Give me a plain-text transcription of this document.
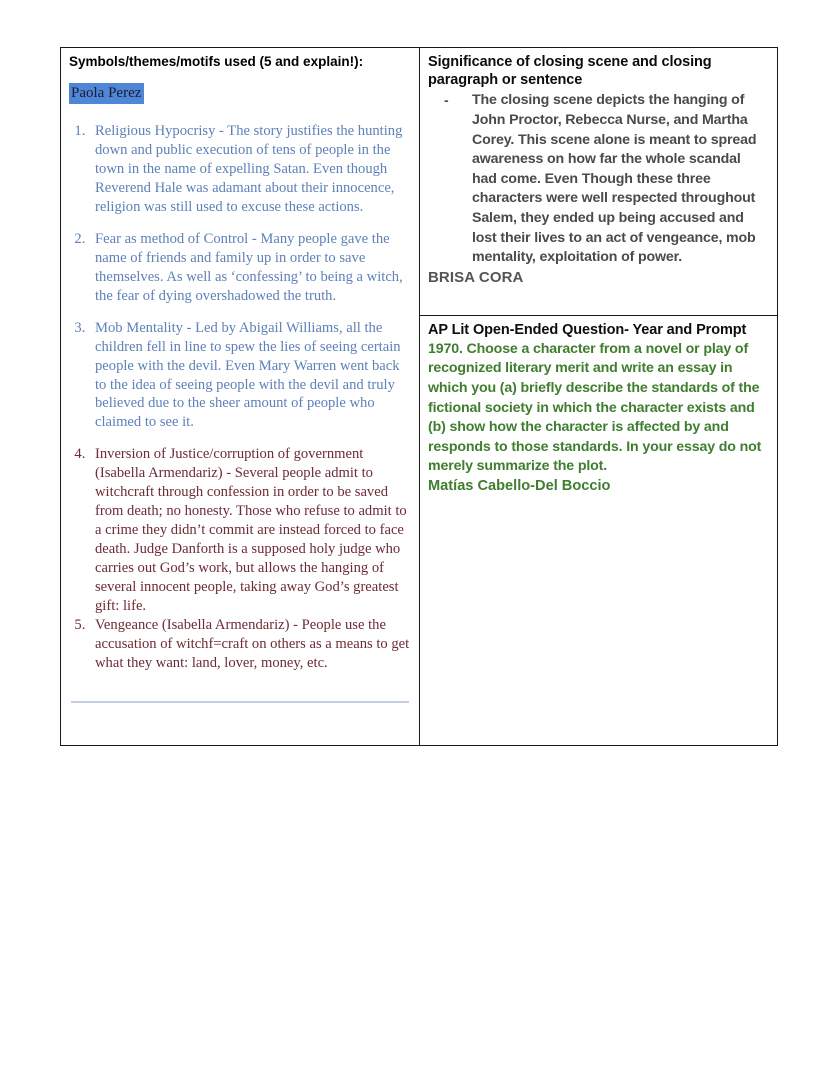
Symbols/themes/motifs used (5 and explain!):

Paola Perez
1. Religious Hypocrisy - The story justifies the hunting down and public execution of tens of people in the town in the name of expelling Satan. Even though Reverend Hale was adamant about their innocence, religion was still used to excuse these actions.
2. Fear as method of Control - Many people gave the name of friends and family up in order to save themselves. As well as ‘confessing’ to being a witch, the fear of dying overshadowed the truth.
3. Mob Mentality - Led by Abigail Williams, all the children fell in line to spew the lies of seeing certain people with the devil. Even Mary Warren went back to the idea of seeing people with the devil and truly believed due to the sheer amount of people who claimed to see it.
4. Inversion of Justice/corruption of government (Isabella Armendariz) - Several people admit to witchcraft through confession in order to be saved from death; no honesty. Those who refuse to admit to a crime they didn’t commit are instead forced to face death. Judge Danforth is a supposed holy judge who carries out God’s work, but allows the hanging of several innocent people, taking away God’s greatest gift: life.
5. Vengeance (Isabella Armendariz) - People use the accusation of witchf=craft on others as a means to get what they want: land, lover, money, etc.

Significance of closing scene and closing paragraph or sentence

-	The closing scene depicts the hanging of John Proctor, Rebecca Nurse, and Martha Corey. This scene alone is meant to spread awareness on how far the whole scandal had come. Even Though these three characters were well respected throughout Salem, they ended up being accused and lost their lives to an act of vengeance, mob mentality, exploitation of power.

BRISA CORA

AP Lit Open-Ended Question- Year and Prompt

1970. Choose a character from a novel or play of recognized literary merit and write an essay in which you (a) briefly describe the standards of the fictional society in which the character exists and (b) show how the character is affected by and responds to those standards. In your essay do not merely summarize the plot.

Matías Cabello-Del Boccio
